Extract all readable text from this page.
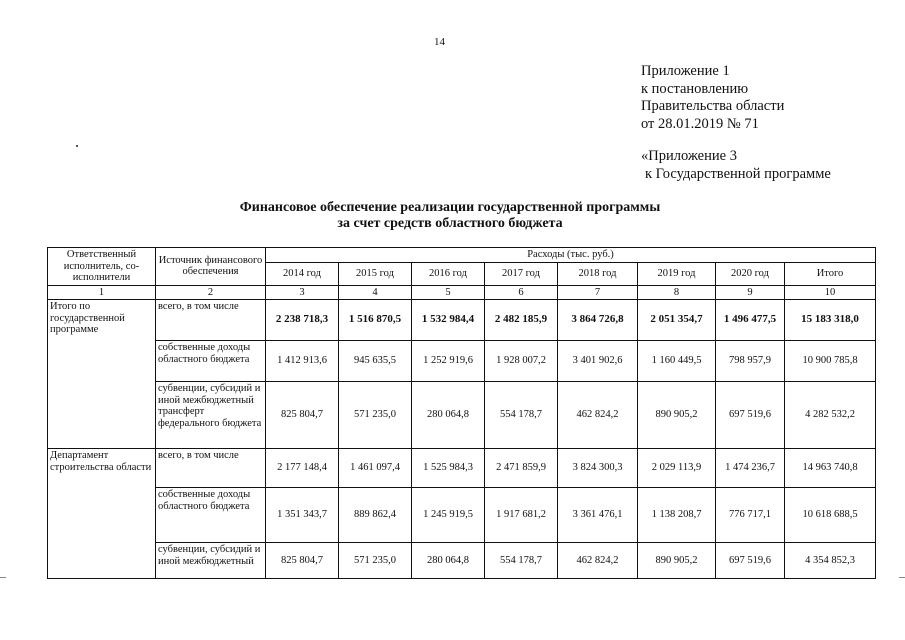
14
Приложение 1
к постановлению
Правительства области
от 28.01.2019 № 71
«Приложение 3
к Государственной программе
Финансовое обеспечение реализации государственной программы
за счет средств областного бюджета
Ответственный исполнитель, со-исполнители	Источник финансового обеспечения	Расходы (тыс. руб.)							
		2014 год	2015 год	2016 год	2017 год	2018 год	2019 год	2020 год	Итого
1	2	3	4	5	6	7	8	9	10
Итого по государственной программе	всего, в том числе	2 238 718,3	1 516 870,5	1 532 984,4	2 482 185,9	3 864 726,8	2 051 354,7	1 496 477,5	15 183 318,0
	собственные доходы областного бюджета	1 412 913,6	945 635,5	1 252 919,6	1 928 007,2	3 401 902,6	1 160 449,5	798 957,9	10 900 785,8
	субвенции, субсидий и иной межбюджетный трансферт федерального бюджета	825 804,7	571 235,0	280 064,8	554 178,7	462 824,2	890 905,2	697 519,6	4 282 532,2
Департамент строительства области	всего, в том числе	2 177 148,4	1 461 097,4	1 525 984,3	2 471 859,9	3 824 300,3	2 029 113,9	1 474 236,7	14 963 740,8
	собственные доходы областного бюджета	1 351 343,7	889 862,4	1 245 919,5	1 917 681,2	3 361 476,1	1 138 208,7	776 717,1	10 618 688,5
	субвенции, субсидий и иной межбюджетный	825 804,7	571 235,0	280 064,8	554 178,7	462 824,2	890 905,2	697 519,6	4 354 852,3
